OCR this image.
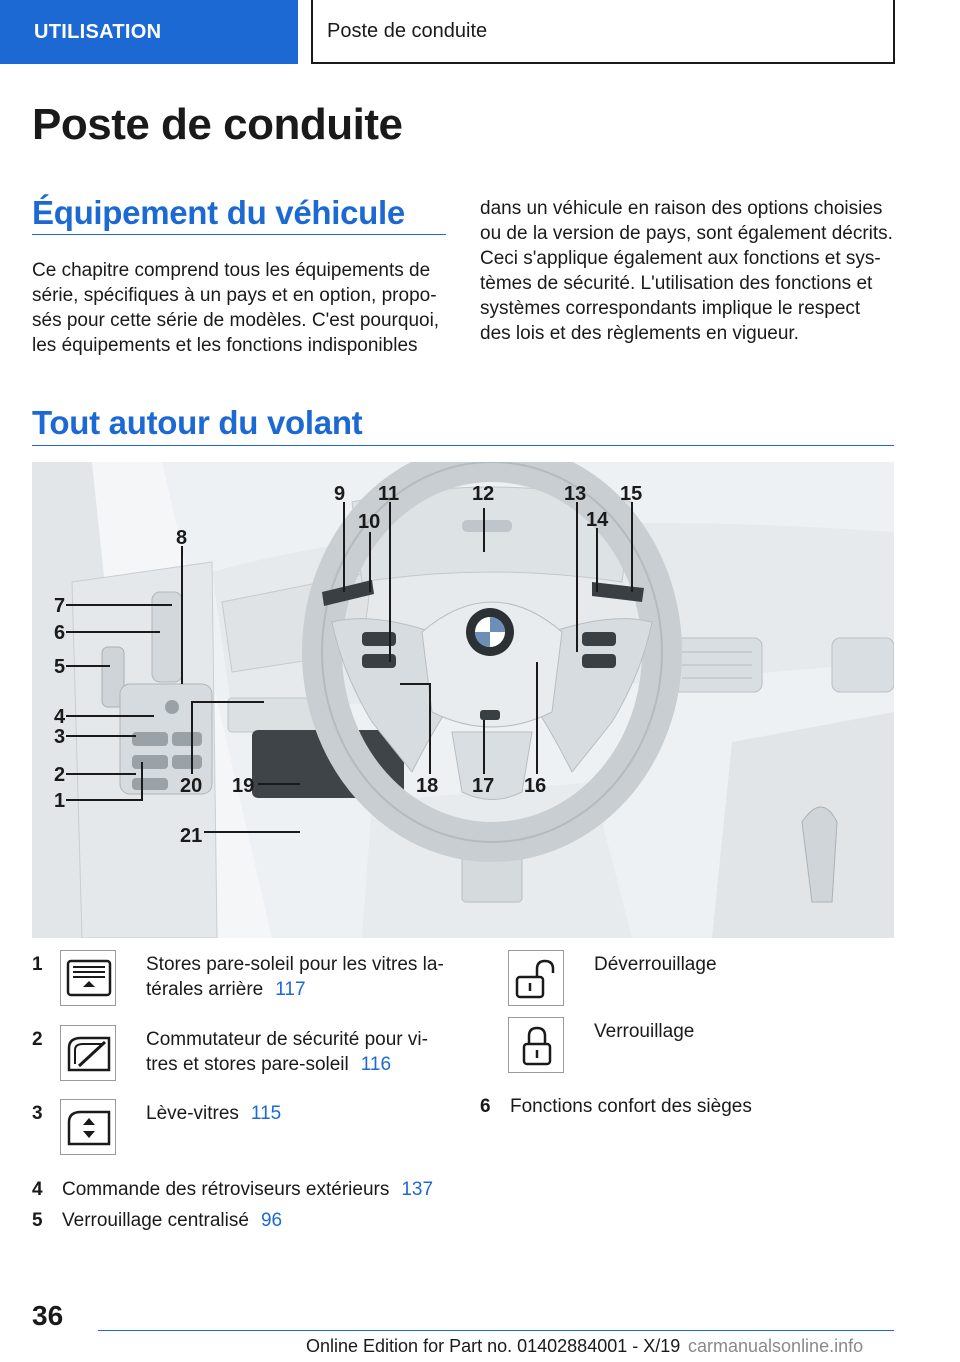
UTILISATION	Poste de conduite
Poste de conduite
Équipement du véhicule
Ce chapitre comprend tous les équipements de
série, spécifiques à un pays et en option, propo-
sés pour cette série de modèles. C'est pourquoi,
les équipements et les fonctions indisponibles
dans un véhicule en raison des options choisies
ou de la version de pays, sont également décrits.
Ceci s'applique également aux fonctions et sys-
tèmes de sécurité. L'utilisation des fonctions et
systèmes correspondants implique le respect
des lois et des règlements en vigueur.
Tout autour du volant
7
6
5
4
3
2
1
8
9
10
11	12	13
14
15
16
17
18
19
20
21
1	Stores pare-soleil pour les vitres la-
térales arrière 117
2	Commutateur de sécurité pour vi-
tres et stores pare-soleil 116
3	Lève-vitres 115
4 Commande des rétroviseurs extérieurs 137
5 Verrouillage centralisé 96
Déverrouillage
Verrouillage
6 Fonctions confort des sièges
36
Online Edition for Part no. 01402884001 - X/19 carmanualsonline.info
